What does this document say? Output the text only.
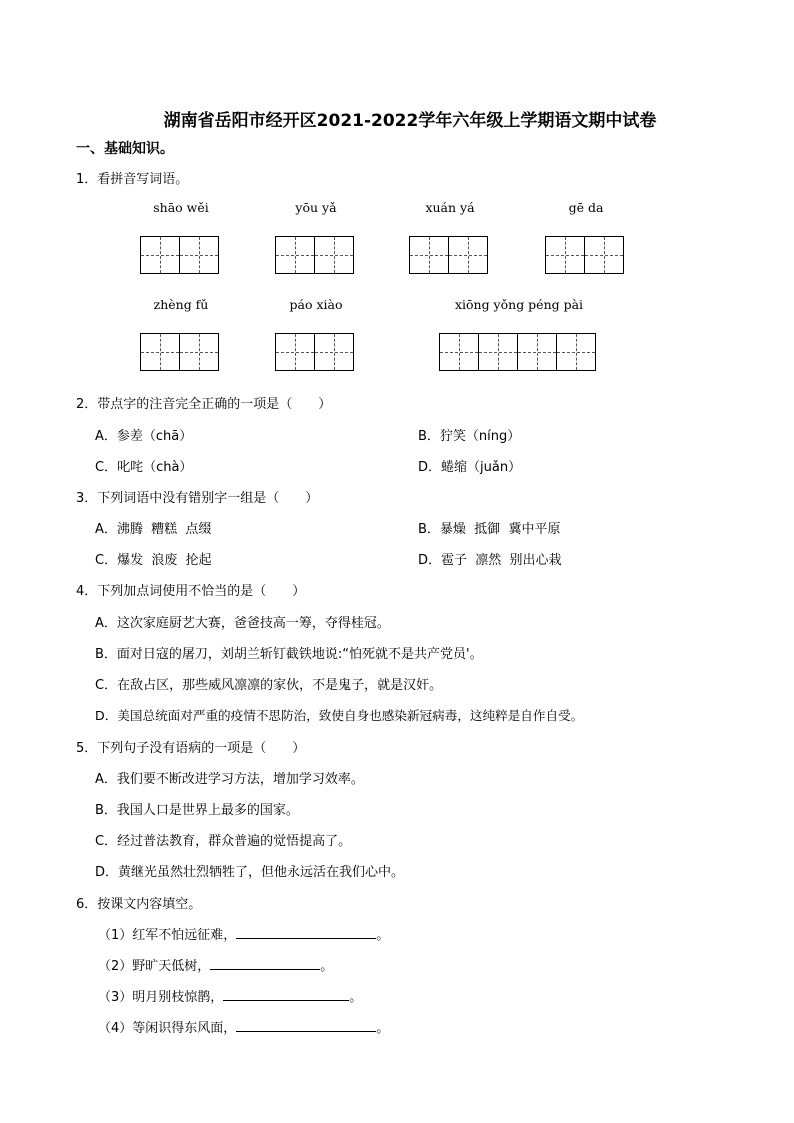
湖南省岳阳市经开区2021-2022学年六年级上学期语文期中试卷
一、基础知识。
1．看拼音写词语。
shāo wěi	yōu yǎ	xuán yá	gē da
zhèng fǔ	páo xiào	xiōng yǒng péng pài
2．带点字的注音完全正确的一项是（　　）
A．参差（chā）	B．狞笑（níng）
C．叱咤（chà）	D．蜷缩（juǎn）
3．下列词语中没有错别字一组是（　　）
A．沸腾  糟糕  点缀	B．暴燥  抵御  冀中平原
C．爆发  浪废  抡起	D．雹子  凛然  别出心栽
4．下列加点词使用不恰当的是（　　）
A．这次家庭厨艺大赛，爸爸技高一筹，夺得桂冠。
B．面对日寇的屠刀，刘胡兰斩钉截铁地说:“怕死就不是共产党员'。
C．在敌占区，那些威风凛凛的家伙，不是鬼子，就是汉奸。
D．美国总统面对严重的疫情不思防治，致使自身也感染新冠病毒，这纯粹是自作自受。
5．下列句子没有语病的一项是（　　）
A．我们要不断改进学习方法，增加学习效率。
B．我国人口是世界上最多的国家。
C．经过普法教育，群众普遍的觉悟提高了。
D．黄继光虽然壮烈牺牲了，但他永远活在我们心中。
6．按课文内容填空。
（1）红军不怕远征难，	。
（2）野旷天低树，	。
（3）明月别枝惊鹊，	。
（4）等闲识得东风面，	。
